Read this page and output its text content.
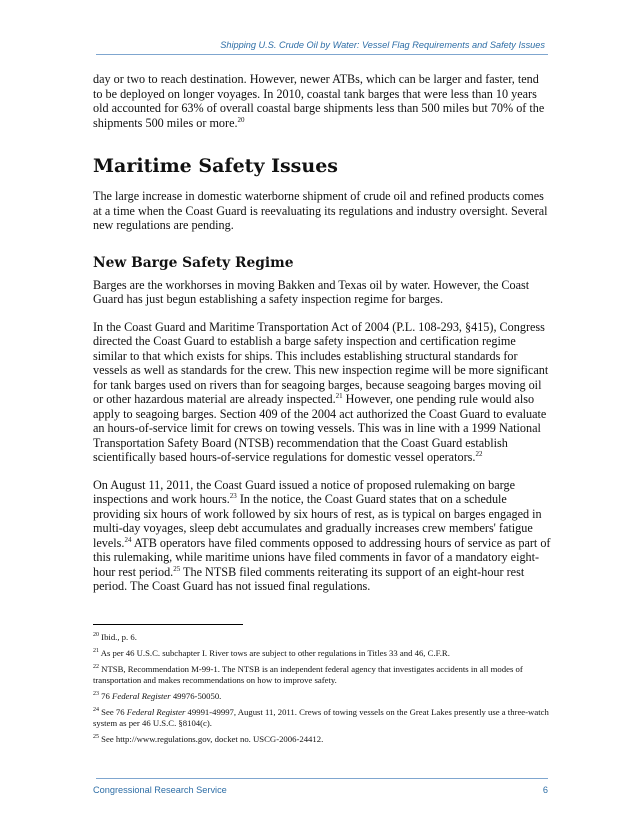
Shipping U.S. Crude Oil by Water: Vessel Flag Requirements and Safety Issues

day or two to reach destination. However, newer ATBs, which can be larger and faster, tend to be deployed on longer voyages. In 2010, coastal tank barges that were less than 10 years old accounted for 63% of overall coastal barge shipments less than 500 miles but 70% of the shipments 500 miles or more.$^{20}$

Maritime Safety Issues

The large increase in domestic waterborne shipment of crude oil and refined products comes at a time when the Coast Guard is reevaluating its regulations and industry oversight. Several new regulations are pending.

New Barge Safety Regime

Barges are the workhorses in moving Bakken and Texas oil by water. However, the Coast Guard has just begun establishing a safety inspection regime for barges.

In the Coast Guard and Maritime Transportation Act of 2004 (P.L. 108-293, §415), Congress directed the Coast Guard to establish a barge safety inspection and certification regime similar to that which exists for ships. This includes establishing structural standards for vessels as well as standards for the crew. This new inspection regime will be more significant for tank barges used on rivers than for seagoing barges, because seagoing barges moving oil or other hazardous material are already inspected.$^{21}$ However, one pending rule would also apply to seagoing barges. Section 409 of the 2004 act authorized the Coast Guard to evaluate an hours-of-service limit for crews on towing vessels. This was in line with a 1999 National Transportation Safety Board (NTSB) recommendation that the Coast Guard establish scientifically based hours-of-service regulations for domestic vessel operators.$^{22}$

On August 11, 2011, the Coast Guard issued a notice of proposed rulemaking on barge inspections and work hours.$^{23}$ In the notice, the Coast Guard states that on a schedule providing six hours of work followed by six hours of rest, as is typical on barges engaged in multi-day voyages, sleep debt accumulates and gradually increases crew members' fatigue levels.$^{24}$ ATB operators have filed comments opposed to addressing hours of service as part of this rulemaking, while maritime unions have filed comments in favor of a mandatory eight-hour rest period.$^{25}$ The NTSB filed comments reiterating its support of an eight-hour rest period. The Coast Guard has not issued final regulations.

$^{20}$ Ibid., p. 6.

$^{21}$ As per 46 U.S.C. subchapter I. River tows are subject to other regulations in Titles 33 and 46, C.F.R.

$^{22}$ NTSB, Recommendation M-99-1. The NTSB is an independent federal agency that investigates accidents in all modes of transportation and makes recommendations on how to improve safety.

$^{23}$ 76 Federal Register 49976-50050.

$^{24}$ See 76 Federal Register 49991-49997, August 11, 2011. Crews of towing vessels on the Great Lakes presently use a three-watch system as per 46 U.S.C. §8104(c).

$^{25}$ See http://www.regulations.gov, docket no. USCG-2006-24412.

Congressional Research Service	6
